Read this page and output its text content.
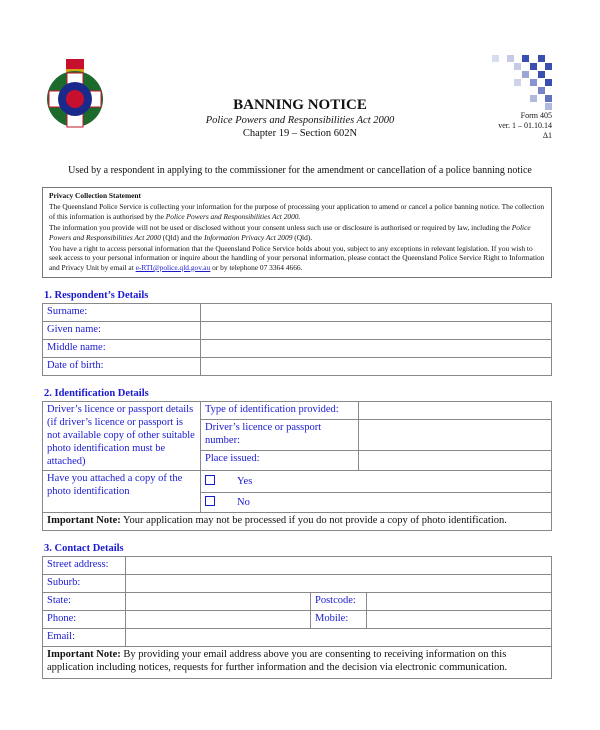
BANNING NOTICE
Police Powers and Responsibilities Act 2000
Chapter 19 – Section 602N
Form 405
ver. 1 – 01.10.14
Δ1
Used by a respondent in applying to the commissioner for the amendment or cancellation of a police banning notice

Privacy Collection Statement

The Queensland Police Service is collecting your information for the purpose of processing your application to amend or cancel a police banning notice. The collection of this information is authorised by the Police Powers and Responsibilities Act 2000.

The information you provide will not be used or disclosed without your consent unless such use or disclosure is authorised or required by law, including the Police Powers and Responsibilities Act 2000 (Qld) and the Information Privacy Act 2009 (Qld).

You have a right to access personal information that the Queensland Police Service holds about you, subject to any exceptions in relevant legislation. If you wish to seek access to your personal information or inquire about the handling of your personal information, please contact the Queensland Police Service Right to Information and Privacy Unit by email at e-RTI@police.qld.gov.au or by telephone 07 3364 4666.

1. Respondent’s Details
Surname:	
Given name:	
Middle name:	
Date of birth:	
2. Identification Details
Driver’s licence or passport details (if driver’s licence or passport is not available copy of other suitable photo identification must be attached)	Type of identification provided:	
	Driver’s licence or passport number:	
	Place issued:	
Have you attached a copy of the photo identification	Yes	
	No	
Important Note: Your application may not be processed if you do not provide a copy of photo identification.		
3. Contact Details
Street address:			
Suburb:			
State:		Postcode:	
Phone:		Mobile:	
Email:			
Important Note: By providing your email address above you are consenting to receiving information on this application including notices, requests for further information and the decision via electronic communication.			
